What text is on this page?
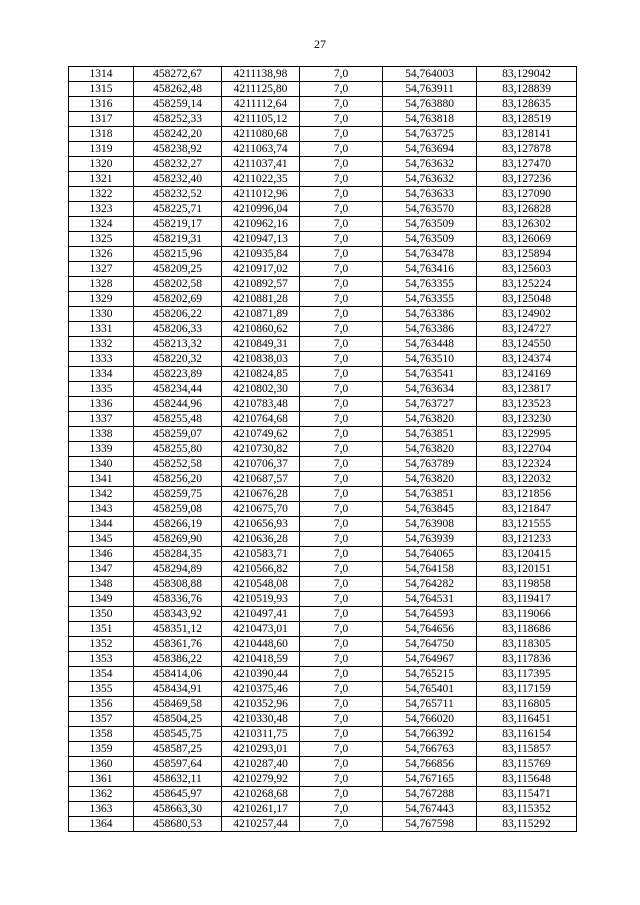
27
1314	458272,67	4211138,98	7,0	54,764003	83,129042
1315	458262,48	4211125,80	7,0	54,763911	83,128839
1316	458259,14	4211112,64	7,0	54,763880	83,128635
1317	458252,33	4211105,12	7,0	54,763818	83,128519
1318	458242,20	4211080,68	7,0	54,763725	83,128141
1319	458238,92	4211063,74	7,0	54,763694	83,127878
1320	458232,27	4211037,41	7,0	54,763632	83,127470
1321	458232,40	4211022,35	7,0	54,763632	83,127236
1322	458232,52	4211012,96	7,0	54,763633	83,127090
1323	458225,71	4210996,04	7,0	54,763570	83,126828
1324	458219,17	4210962,16	7,0	54,763509	83,126302
1325	458219,31	4210947,13	7,0	54,763509	83,126069
1326	458215,96	4210935,84	7,0	54,763478	83,125894
1327	458209,25	4210917,02	7,0	54,763416	83,125603
1328	458202,58	4210892,57	7,0	54,763355	83,125224
1329	458202,69	4210881,28	7,0	54,763355	83,125048
1330	458206,22	4210871,89	7,0	54,763386	83,124902
1331	458206,33	4210860,62	7,0	54,763386	83,124727
1332	458213,32	4210849,31	7,0	54,763448	83,124550
1333	458220,32	4210838,03	7,0	54,763510	83,124374
1334	458223,89	4210824,85	7,0	54,763541	83,124169
1335	458234,44	4210802,30	7,0	54,763634	83,123817
1336	458244,96	4210783,48	7,0	54,763727	83,123523
1337	458255,48	4210764,68	7,0	54,763820	83,123230
1338	458259,07	4210749,62	7,0	54,763851	83,122995
1339	458255,80	4210730,82	7,0	54,763820	83,122704
1340	458252,58	4210706,37	7,0	54,763789	83,122324
1341	458256,20	4210687,57	7,0	54,763820	83,122032
1342	458259,75	4210676,28	7,0	54,763851	83,121856
1343	458259,08	4210675,70	7,0	54,763845	83,121847
1344	458266,19	4210656,93	7,0	54,763908	83,121555
1345	458269,90	4210636,28	7,0	54,763939	83,121233
1346	458284,35	4210583,71	7,0	54,764065	83,120415
1347	458294,89	4210566,82	7,0	54,764158	83,120151
1348	458308,88	4210548,08	7,0	54,764282	83,119858
1349	458336,76	4210519,93	7,0	54,764531	83,119417
1350	458343,92	4210497,41	7,0	54,764593	83,119066
1351	458351,12	4210473,01	7,0	54,764656	83,118686
1352	458361,76	4210448,60	7,0	54,764750	83,118305
1353	458386,22	4210418,59	7,0	54,764967	83,117836
1354	458414,06	4210390,44	7,0	54,765215	83,117395
1355	458434,91	4210375,46	7,0	54,765401	83,117159
1356	458469,58	4210352,96	7,0	54,765711	83,116805
1357	458504,25	4210330,48	7,0	54,766020	83,116451
1358	458545,75	4210311,75	7,0	54,766392	83,116154
1359	458587,25	4210293,01	7,0	54,766763	83,115857
1360	458597,64	4210287,40	7,0	54,766856	83,115769
1361	458632,11	4210279,92	7,0	54,767165	83,115648
1362	458645,97	4210268,68	7,0	54,767288	83,115471
1363	458663,30	4210261,17	7,0	54,767443	83,115352
1364	458680,53	4210257,44	7,0	54,767598	83,115292
